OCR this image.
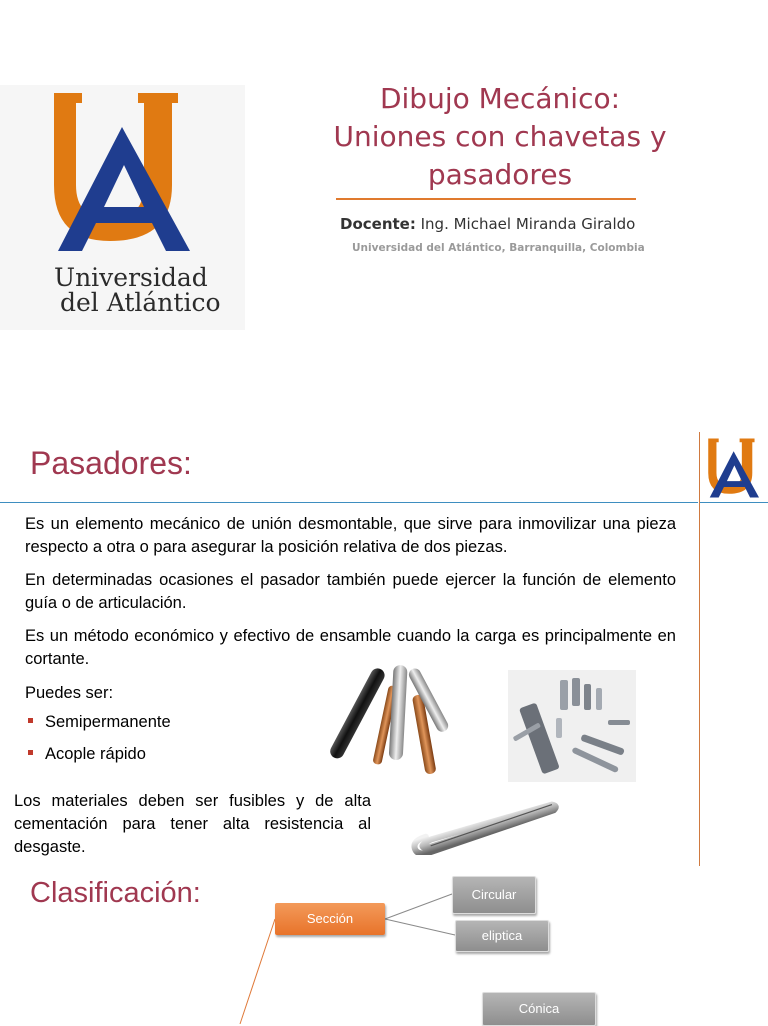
Universidad
del Atlántico
Dibujo Mecánico:
Uniones con chavetas y
pasadores
Docente: Ing. Michael Miranda Giraldo
Universidad del Atlántico, Barranquilla, Colombia
Pasadores:
Es un elemento mecánico de unión desmontable, que sirve para inmovilizar una pieza respecto a otra o para asegurar la posición relativa de dos piezas.
En determinadas ocasiones el pasador también puede ejercer la función de elemento guía o de articulación.
Es un método económico y efectivo de ensamble cuando la carga es principalmente en cortante.
Puedes ser:
Semipermanente
Acople rápido
Los materiales deben ser fusibles y de alta cementación para tener alta resistencia al desgaste.
Clasificación:
Sección
Circular
eliptica
Cónica
